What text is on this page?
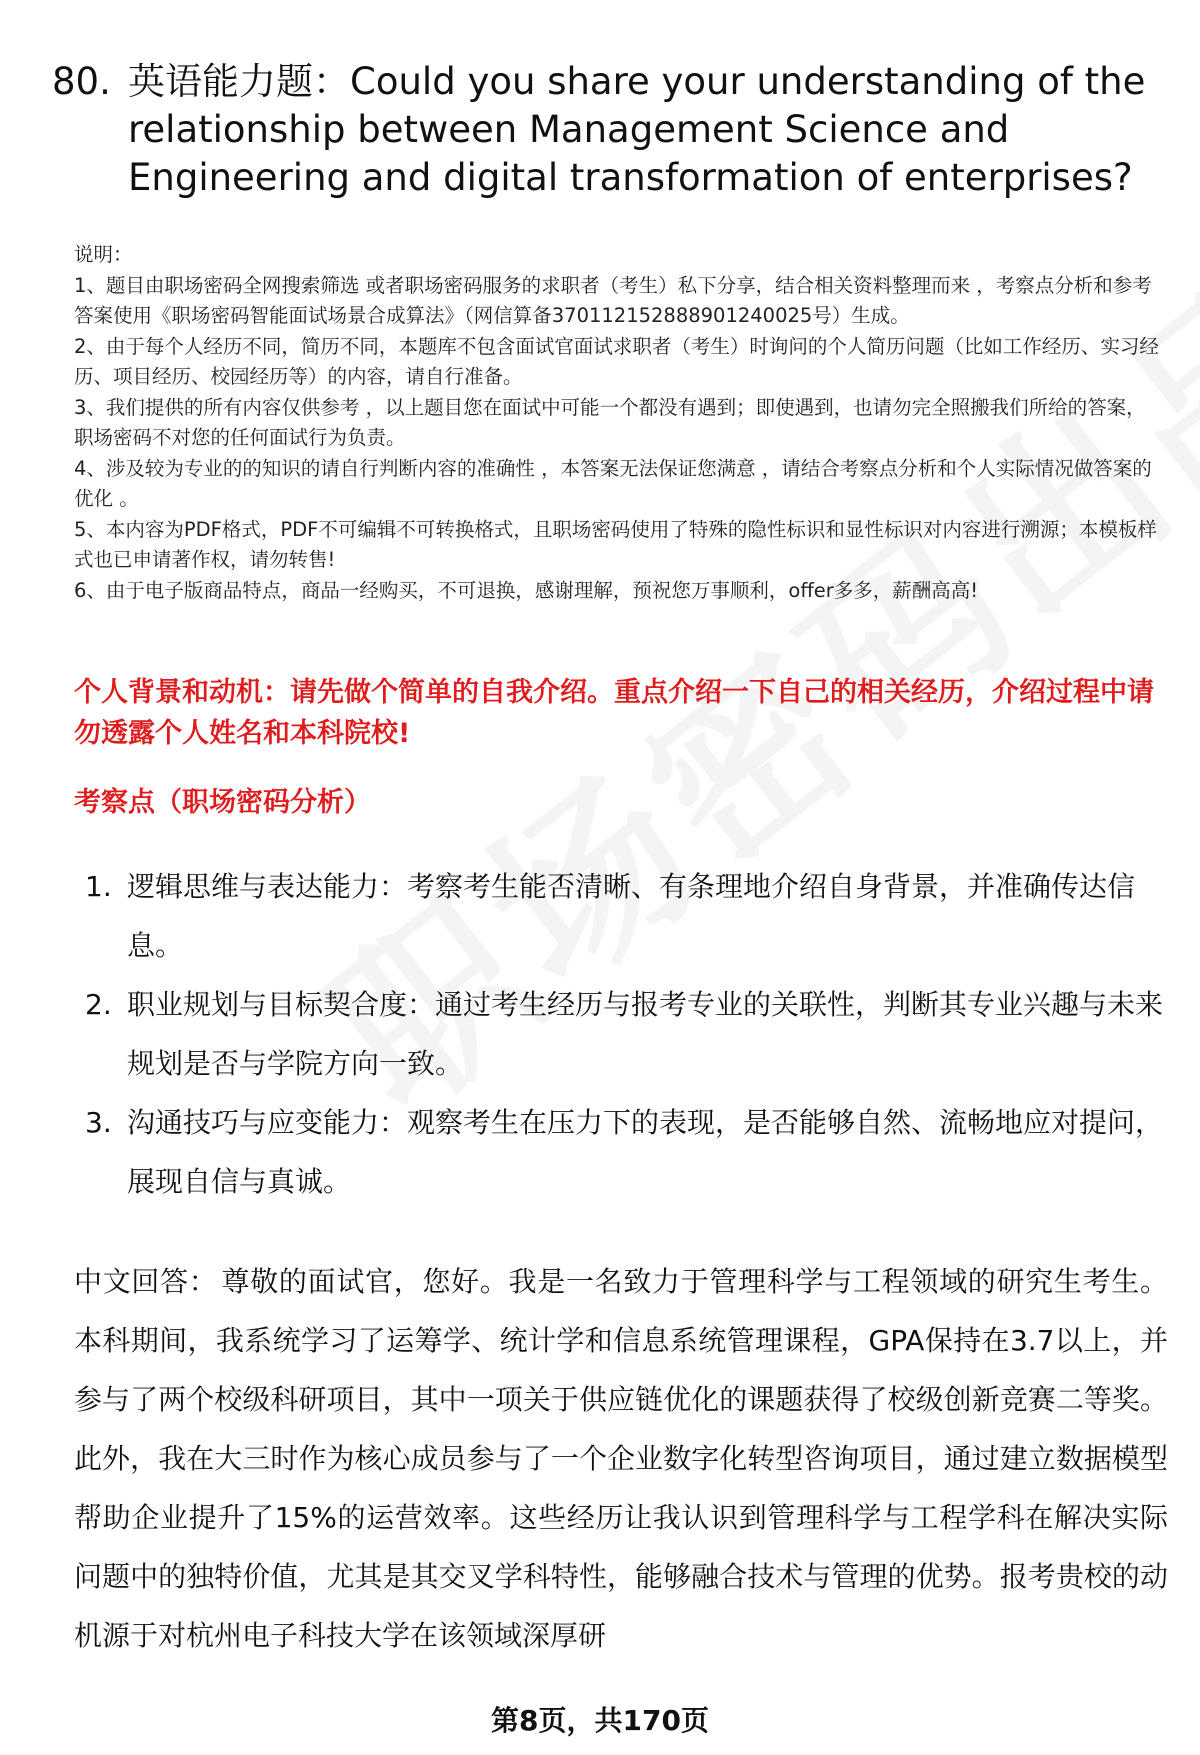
80. 英语能力题：Could you share your understanding of the relationship between Management Science and Engineering and digital transformation of enterprises?

说明：

1、题目由职场密码全网搜索筛选 或者职场密码服务的求职者（考生）私下分享，结合相关资料整理而来 ，考察点分析和参考答案使用《职场密码智能面试场景合成算法》（网信算备370112152888901240025号）生成。

2、由于每个人经历不同，简历不同，本题库不包含面试官面试求职者（考生）时询问的个人简历问题（比如工作经历、实习经历、项目经历、校园经历等）的内容，请自行准备。

3、我们提供的所有内容仅供参考 ，以上题目您在面试中可能一个都没有遇到；即使遇到，也请勿完全照搬我们所给的答案，职场密码不对您的任何面试行为负责。

4、涉及较为专业的的知识的请自行判断内容的准确性 ，本答案无法保证您满意 ，请结合考察点分析和个人实际情况做答案的优化 。

5、本内容为PDF格式，PDF不可编辑不可转换格式，且职场密码使用了特殊的隐性标识和显性标识对内容进行溯源；本模板样式也已申请著作权，请勿转售!

6、由于电子版商品特点，商品一经购买，不可退换，感谢理解，预祝您万事顺利，offer多多，薪酬高高!

个人背景和动机：请先做个简单的自我介绍。重点介绍一下自己的相关经历，介绍过程中请勿透露个人姓名和本科院校!
考察点（职场密码分析）
1. 逻辑思维与表达能力：考察考生能否清晰、有条理地介绍自身背景，并准确传达信息。
2. 职业规划与目标契合度：通过考生经历与报考专业的关联性，判断其专业兴趣与未来规划是否与学院方向一致。
3. 沟通技巧与应变能力：观察考生在压力下的表现，是否能够自然、流畅地应对提问，展现自信与真诚。
中文回答： 尊敬的面试官，您好。我是一名致力于管理科学与工程领域的研究生考生。本科期间，我系统学习了运筹学、统计学和信息系统管理课程，GPA保持在3.7以上，并参与了两个校级科研项目，其中一项关于供应链优化的课题获得了校级创新竞赛二等奖。此外，我在大三时作为核心成员参与了一个企业数字化转型咨询项目，通过建立数据模型帮助企业提升了15%的运营效率。这些经历让我认识到管理科学与工程学科在解决实际问题中的独特价值，尤其是其交叉学科特性，能够融合技术与管理的优势。报考贵校的动机源于对杭州电子科技大学在该领域深厚研
第8页，共170页
